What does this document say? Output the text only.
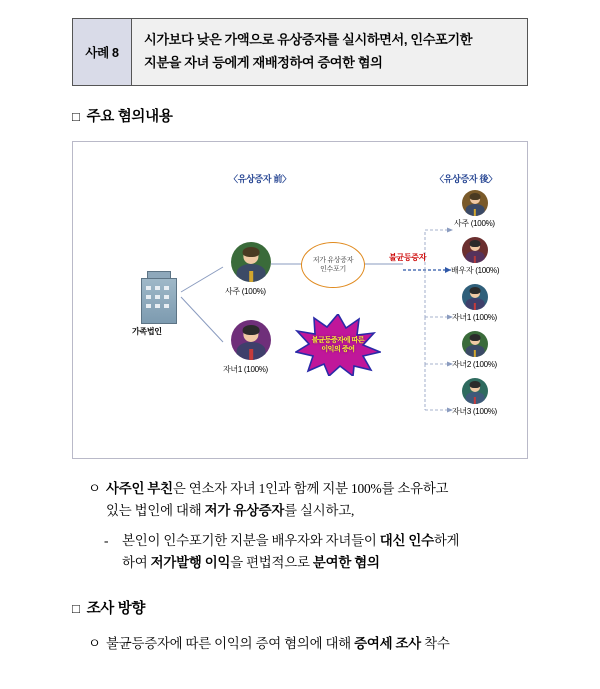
사례 8
시가보다 낮은 가액으로 유상증자를 실시하면서, 인수포기한
지분을 자녀 등에게 재배정하여 증여한 혐의
□ 주요 혐의내용
〈유상증자 前〉	〈유상증자 後〉
가족법인
사주 (100%)
자녀1 (100%)
저가 유상증자
인수포기
불균등증자
불균등증자에 따른
이익의 증여
사주 (100%)
배우자 (100%)
자녀1 (100%)
자녀2 (100%)
자녀3 (100%)
ㅇ 사주인 부친은 연소자 자녀 1인과 함께 지분 100%를 소유하고
있는 법인에 대해 저가 유상증자를 실시하고,
-	본인이 인수포기한 지분을 배우자와 자녀들이 대신 인수하게
하여 저가발행 이익을 편법적으로 분여한 혐의
□ 조사 방향
ㅇ 불균등증자에 따른 이익의 증여 혐의에 대해 증여세 조사 착수
